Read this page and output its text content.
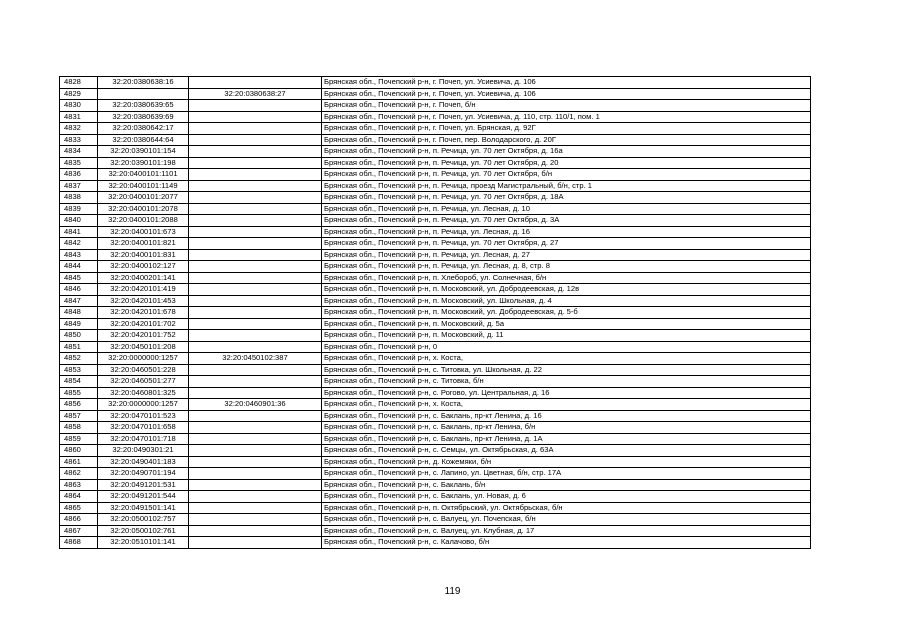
4828	32:20:0380638:16		Брянская обл., Почепский р-н, г. Почеп, ул. Усиевича, д. 106
4829		32:20:0380638:27	Брянская обл., Почепский р-н, г. Почеп, ул. Усиевича, д. 106
4830	32:20:0380639:65		Брянская обл., Почепский р-н, г. Почеп, б/н
4831	32:20:0380639:69		Брянская обл., Почепский р-н, г. Почеп, ул. Усиевича, д. 110, стр. 110/1, пом. 1
4832	32:20:0380642:17		Брянская обл., Почепский р-н, г. Почеп, ул. Брянская, д. 92Г
4833	32:20:0380644:64		Брянская обл., Почепский р-н, г. Почеп, пер. Володарского, д. 20Г
4834	32:20:0390101:154		Брянская обл., Почепский р-н, п. Речица, ул. 70 лет Октября, д. 16а
4835	32:20:0390101:198		Брянская обл., Почепский р-н, п. Речица, ул. 70 лет Октября, д. 20
4836	32:20:0400101:1101		Брянская обл., Почепский р-н, п. Речица, ул. 70 лет Октября, б/н
4837	32:20:0400101:1149		Брянская обл., Почепский р-н, п. Речица, проезд Магистральный, б/н, стр. 1
4838	32:20:0400101:2077		Брянская обл., Почепский р-н, п. Речица, ул. 70 лет Октября, д. 18А
4839	32:20:0400101:2078		Брянская обл., Почепский р-н, п. Речица, ул. Лесная, д. 10
4840	32:20:0400101:2088		Брянская обл., Почепский р-н, п. Речица, ул. 70 лет Октября, д. 3А
4841	32:20:0400101:673		Брянская обл., Почепский р-н, п. Речица, ул. Лесная, д. 16
4842	32:20:0400101:821		Брянская обл., Почепский р-н, п. Речица, ул. 70 лет Октября, д. 27
4843	32:20:0400101:831		Брянская обл., Почепский р-н, п. Речица, ул. Лесная, д. 27
4844	32:20:0400102:127		Брянская обл., Почепский р-н, п. Речица, ул. Лесная, д. 8, стр. 8
4845	32:20:0400201:141		Брянская обл., Почепский р-н, п. Хлебороб, ул. Солнечная, б/н
4846	32:20:0420101:419		Брянская обл., Почепский р-н, п. Московский, ул. Добродеевская, д. 12в
4847	32:20:0420101:453		Брянская обл., Почепский р-н, п. Московский, ул. Школьная, д. 4
4848	32:20:0420101:678		Брянская обл., Почепский р-н, п. Московский, ул. Добродеевская, д. 5-б
4849	32:20:0420101:702		Брянская обл., Почепский р-н, п. Московский, д. 5а
4850	32:20:0420101:752		Брянская обл., Почепский р-н, п. Московский, д. 11
4851	32:20:0450101:208		Брянская обл., Почепский р-н, 0
4852	32:20:0000000:1257	32:20:0450102:387	Брянская обл., Почепский р-н, х. Коста,
4853	32:20:0460501:228		Брянская обл., Почепский р-н, с. Титовка, ул. Школьная, д. 22
4854	32:20:0460501:277		Брянская обл., Почепский р-н, с. Титовка, б/н
4855	32:20:0460801:325		Брянская обл., Почепский р-н, с. Рогово, ул. Центральная, д. 16
4856	32:20:0000000:1257	32:20:0460901:36	Брянская обл., Почепский р-н, х. Коста,
4857	32:20:0470101:523		Брянская обл., Почепский р-н, с. Баклань, пр-кт Ленина, д. 16
4858	32:20:0470101:658		Брянская обл., Почепский р-н, с. Баклань, пр-кт Ленина, б/н
4859	32:20:0470101:718		Брянская обл., Почепский р-н, с. Баклань, пр-кт Ленина, д. 1А
4860	32:20:0490301:21		Брянская обл., Почепский р-н, с. Семцы, ул. Октябрьская, д. 63А
4861	32:20:0490401:183		Брянская обл., Почепский р-н, д. Кожемяки, б/н
4862	32:20:0490701:194		Брянская обл., Почепский р-н, с. Лапино, ул. Цветная, б/н, стр. 17А
4863	32:20:0491201:531		Брянская обл., Почепский р-н, с. Баклань, б/н
4864	32:20:0491201:544		Брянская обл., Почепский р-н, с. Баклань, ул. Новая, д. 6
4865	32:20:0491501:141		Брянская обл., Почепский р-н, п. Октябрьский, ул. Октябрьская, б/н
4866	32:20:0500102:757		Брянская обл., Почепский р-н, с. Валуец, ул. Почепская, б/н
4867	32:20:0500102:761		Брянская обл., Почепский р-н, с. Валуец, ул. Клубная, д. 17
4868	32:20:0510101:141		Брянская обл., Почепский р-н, с. Калачово, б/н
119
